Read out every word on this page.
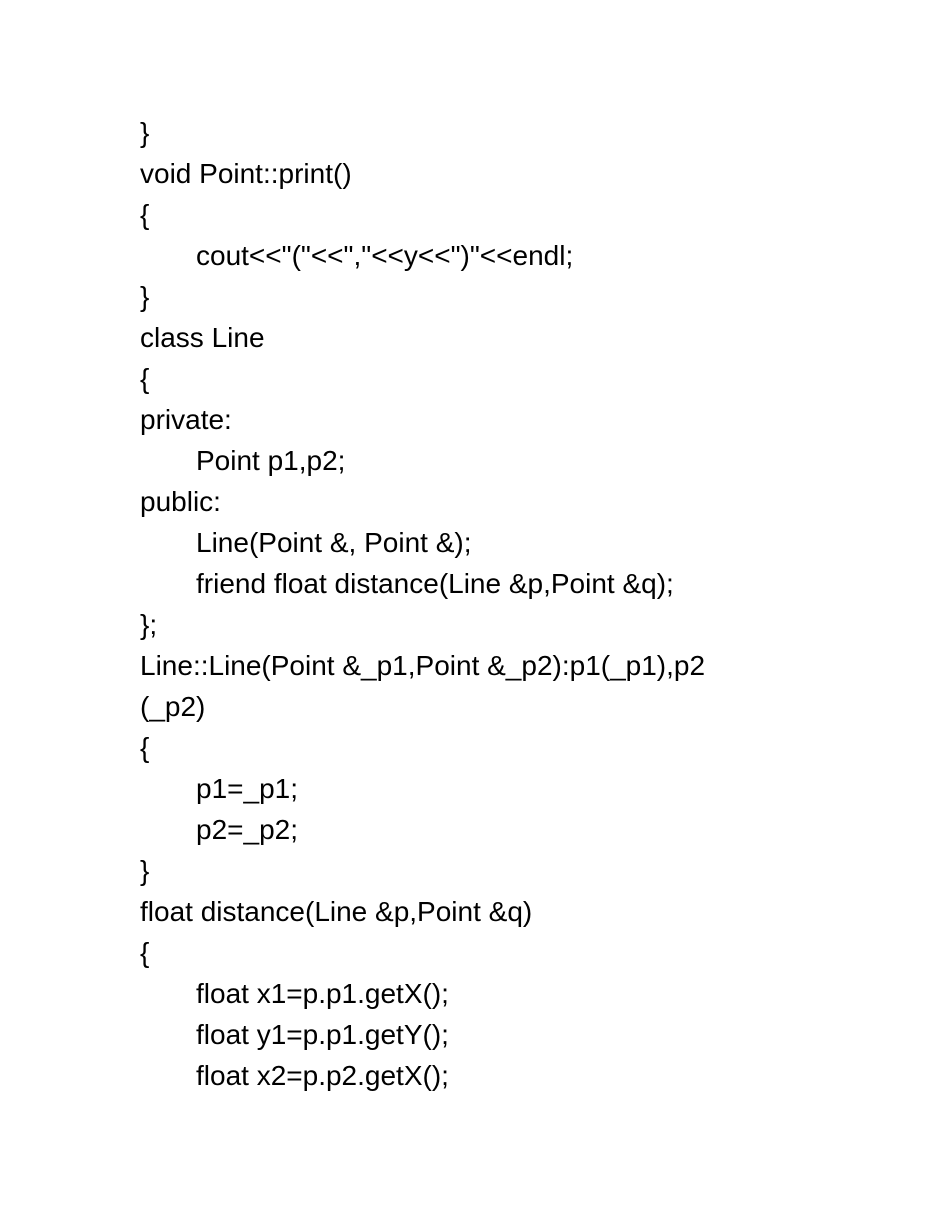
}
void Point::print()
{
cout<<"("<<","<<y<<")"<<endl;
}
class Line
{
private:
Point p1,p2;
public:
Line(Point &, Point &);
friend float distance(Line &p,Point &q);
};
Line::Line(Point &_p1,Point &_p2):p1(_p1),p2
(_p2)
{
p1=_p1;
p2=_p2;
}
float distance(Line &p,Point &q)
{
float x1=p.p1.getX();
float y1=p.p1.getY();
float x2=p.p2.getX();
